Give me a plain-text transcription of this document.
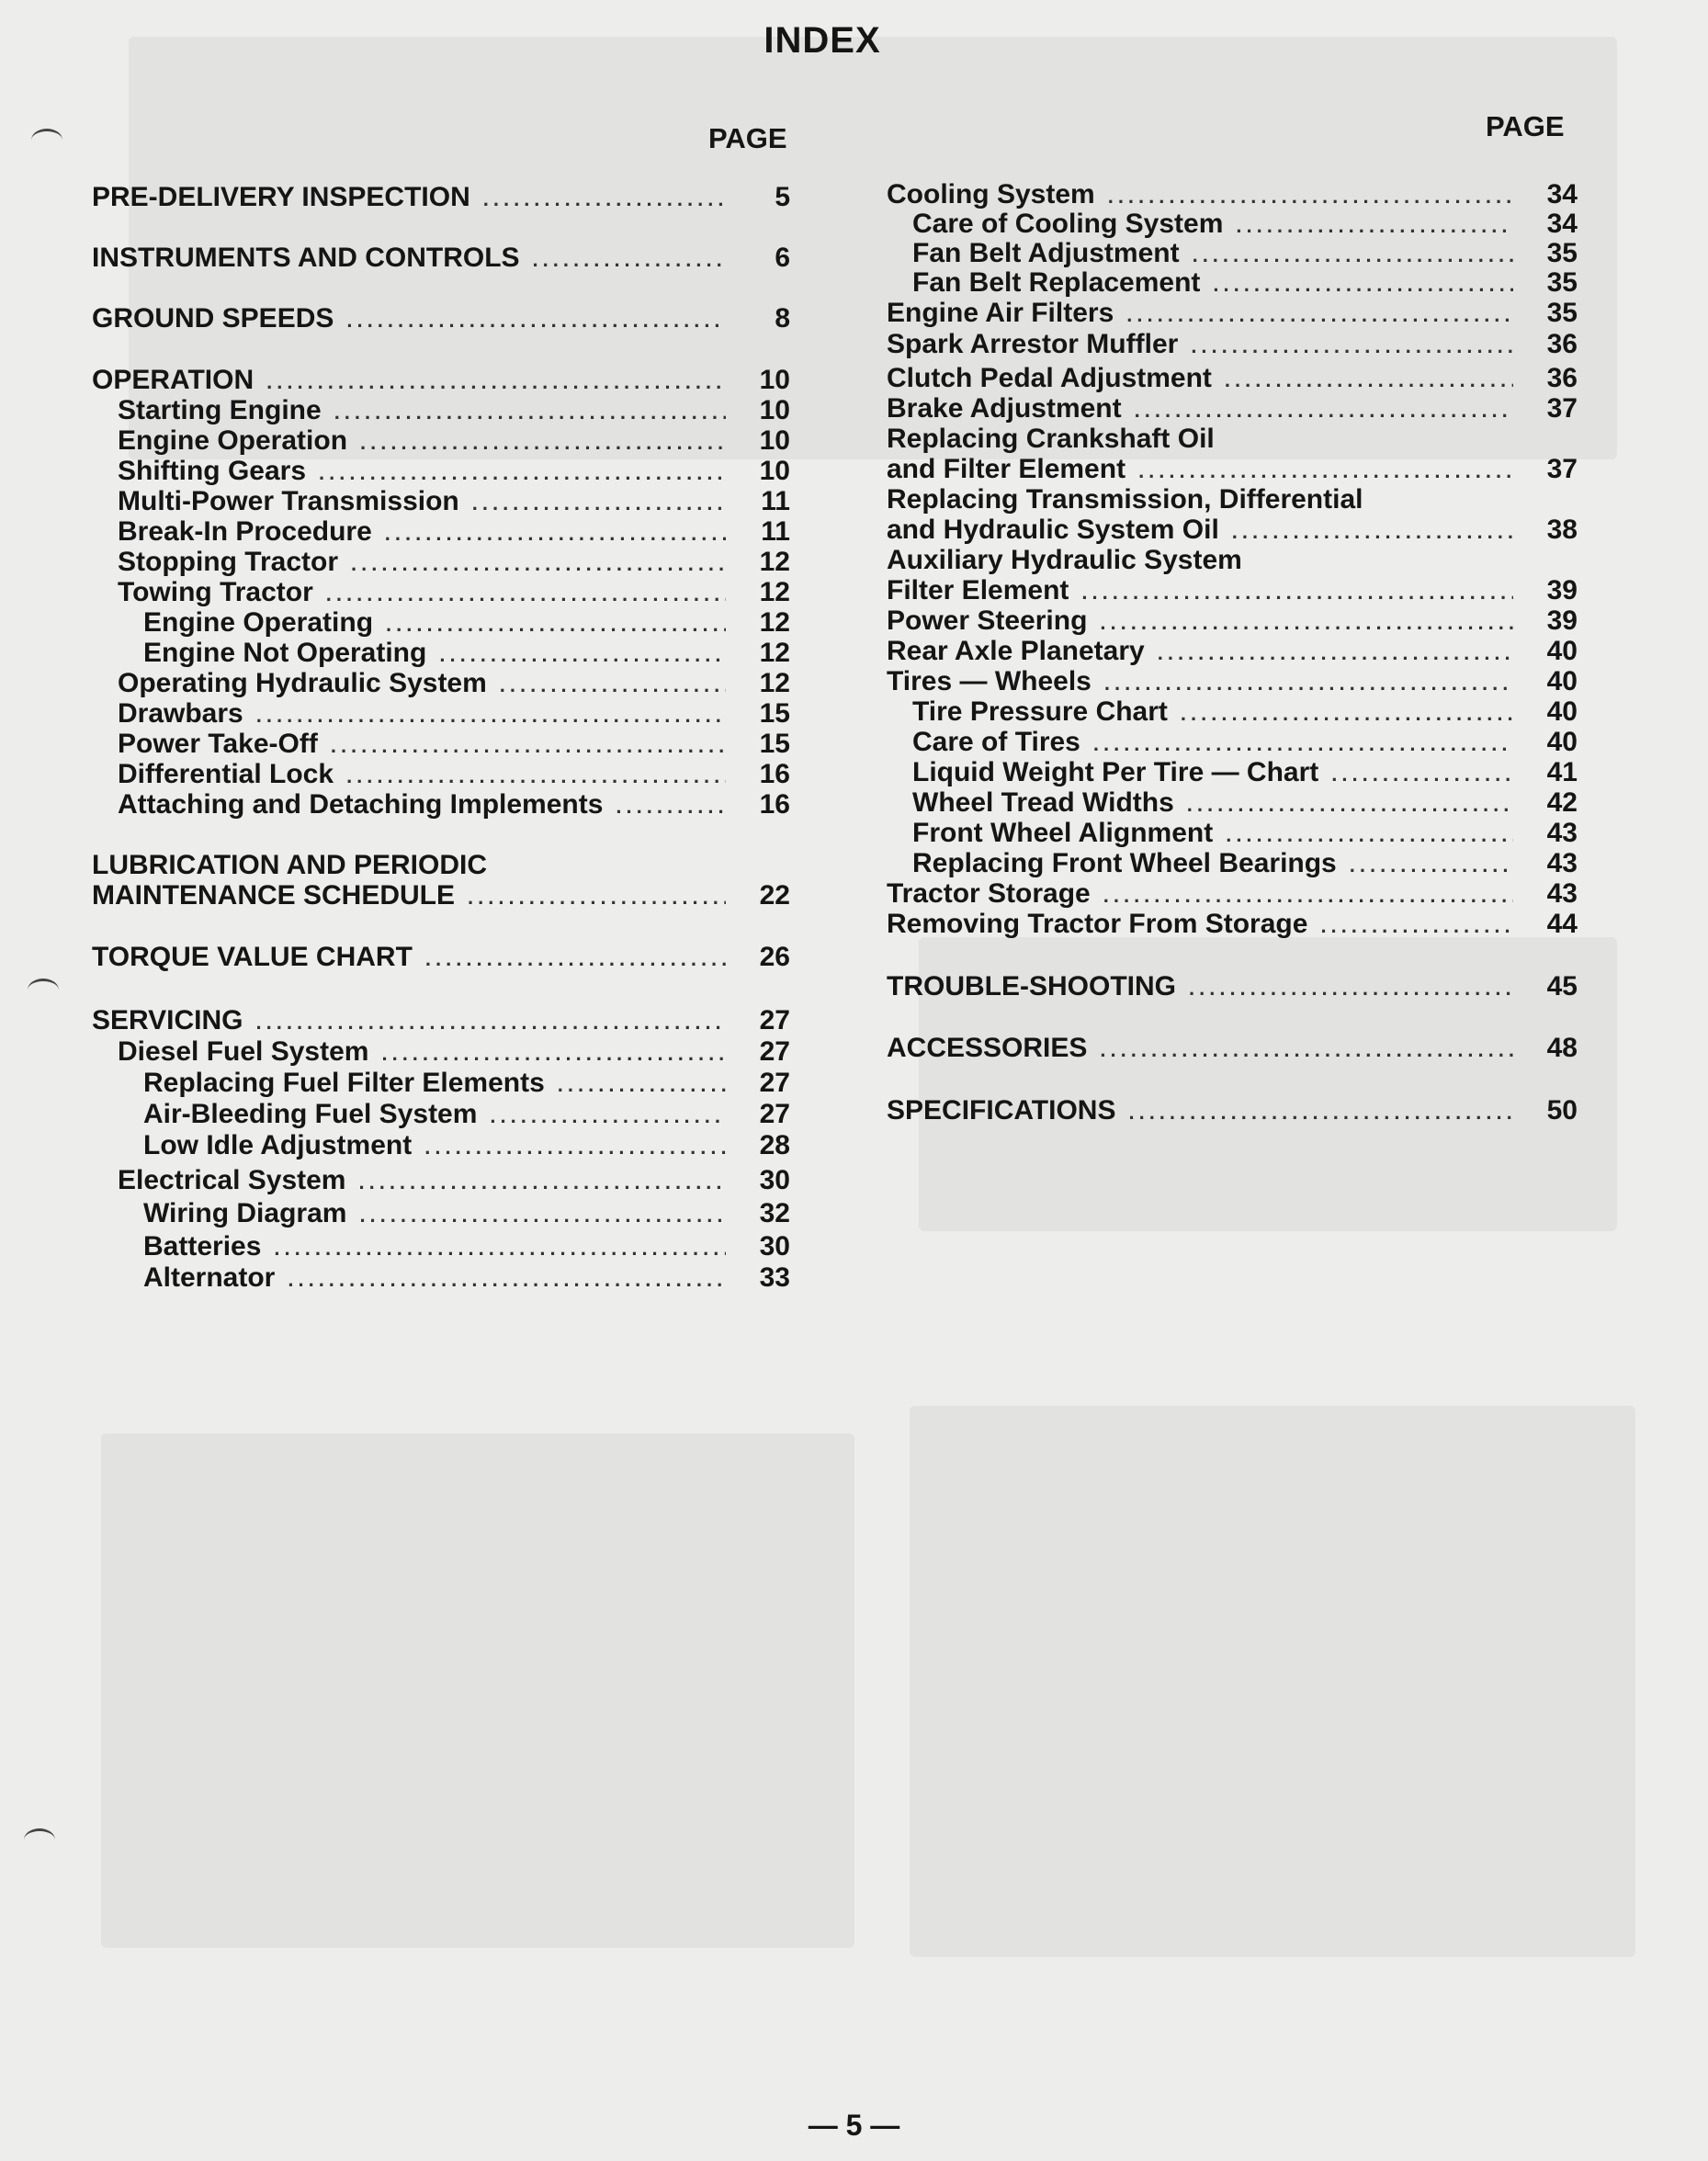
INDEX
PAGE	PAGE
PRE-DELIVERY INSPECTION .....	5
INSTRUMENTS AND CONTROLS .....	6
GROUND SPEEDS .....	8
OPERATION .....	10
Starting Engine .....	10
Engine Operation .....	10
Shifting Gears .....	10
Multi-Power Transmission .....	11
Break-In Procedure .....	11
Stopping Tractor .....	12
Towing Tractor .....	12
Engine Operating .....	12
Engine Not Operating .....	12
Operating Hydraulic System .....	12
Drawbars .....	15
Power Take-Off .....	15
Differential Lock .....	16
Attaching and Detaching Implements .....	16
LUBRICATION AND PERIODIC
MAINTENANCE SCHEDULE .....	22
TORQUE VALUE CHART .....	26
SERVICING .....	27
Diesel Fuel System .....	27
Replacing Fuel Filter Elements .....	27
Air-Bleeding Fuel System .....	27
Low Idle Adjustment .....	28
Electrical System .....	30
Wiring Diagram .....	32
Batteries .....	30
Alternator .....	33
Cooling System .....	34
Care of Cooling System .....	34
Fan Belt Adjustment .....	35
Fan Belt Replacement .....	35
Engine Air Filters .....	35
Spark Arrestor Muffler .....	36
Clutch Pedal Adjustment .....	36
Brake Adjustment .....	37
Replacing Crankshaft Oil
and Filter Element .....	37
Replacing Transmission, Differential
and Hydraulic System Oil .....	38
Auxiliary Hydraulic System
Filter Element .....	39
Power Steering .....	39
Rear Axle Planetary .....	40
Tires — Wheels .....	40
Tire Pressure Chart .....	40
Care of Tires .....	40
Liquid Weight Per Tire — Chart .....	41
Wheel Tread Widths .....	42
Front Wheel Alignment .....	43
Replacing Front Wheel Bearings .....	43
Tractor Storage .....	43
Removing Tractor From Storage .....	44
TROUBLE-SHOOTING .....	45
ACCESSORIES .....	48
SPECIFICATIONS .....	50
— 5 —
